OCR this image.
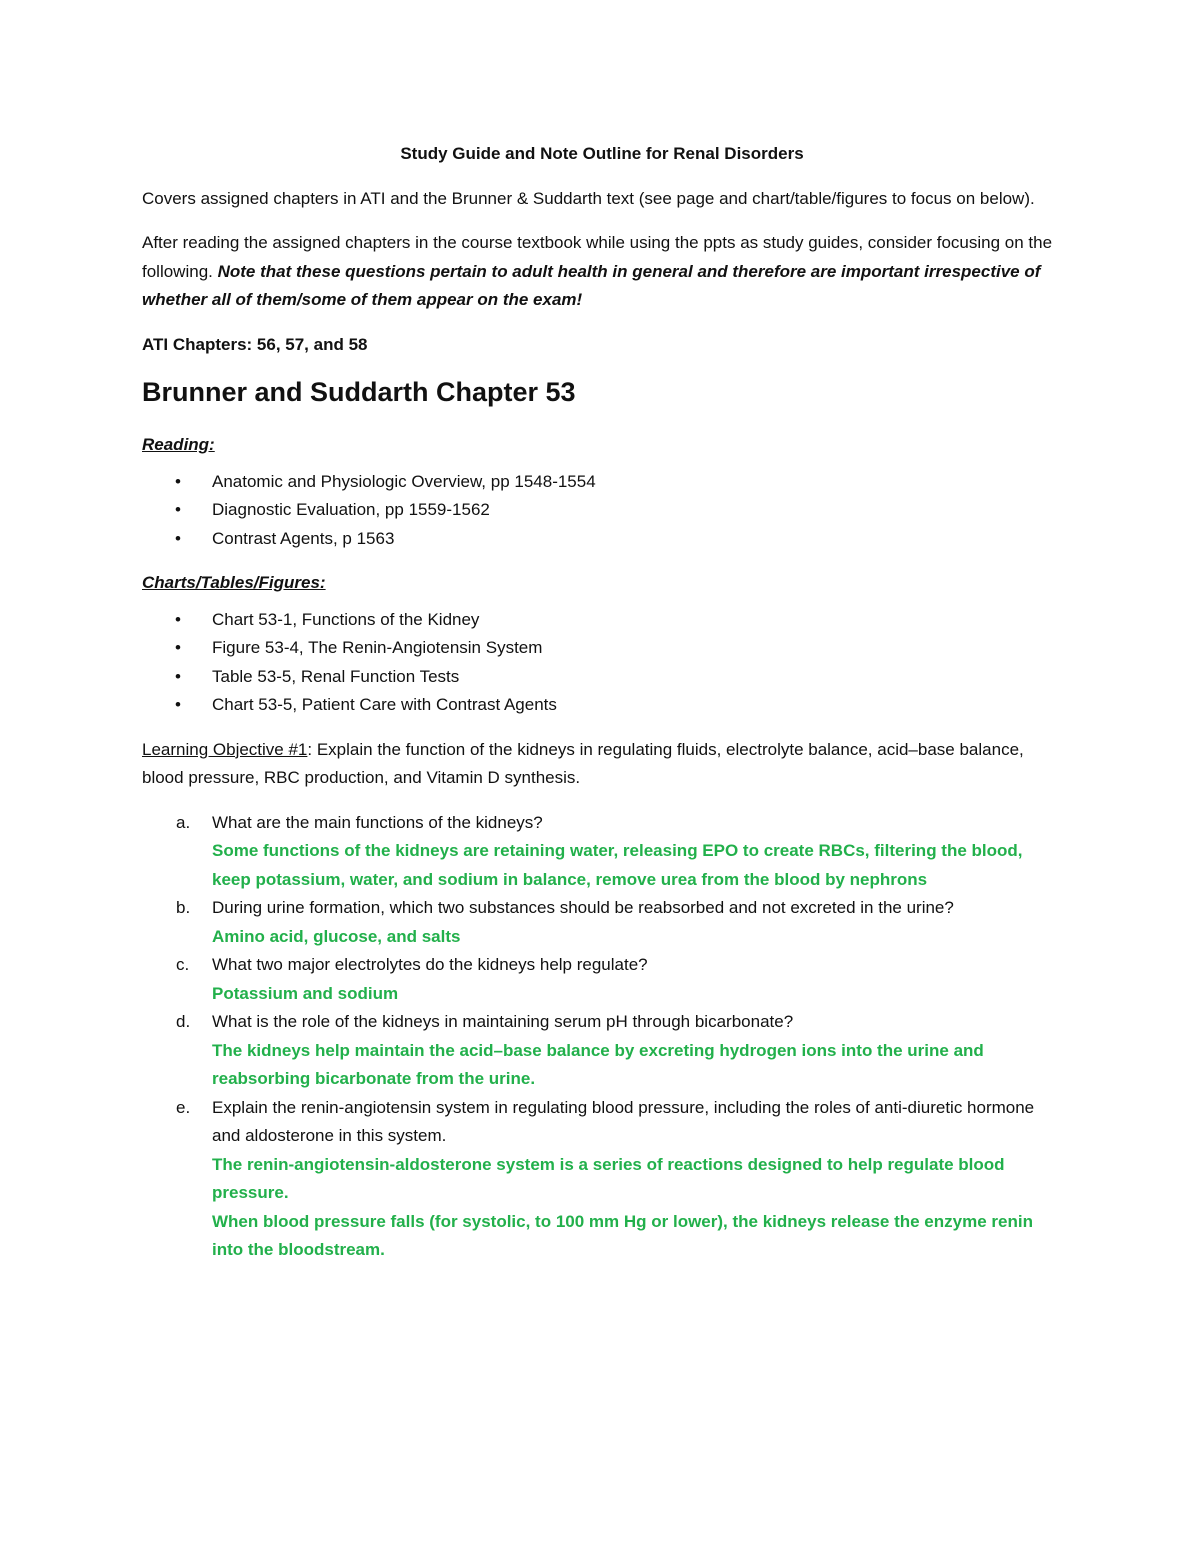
Study Guide and Note Outline for Renal Disorders

Covers assigned chapters in ATI and the Brunner & Suddarth text (see page and chart/table/figures to focus on below).

After reading the assigned chapters in the course textbook while using the ppts as study guides, consider focusing on the following. Note that these questions pertain to adult health in general and therefore are important irrespective of whether all of them/some of them appear on the exam!

ATI Chapters: 56, 57, and 58
Brunner and Suddarth Chapter 53
Reading:
• Anatomic and Physiologic Overview, pp 1548-1554
• Diagnostic Evaluation, pp 1559-1562
• Contrast Agents, p 1563
Charts/Tables/Figures:
• Chart 53-1, Functions of the Kidney
• Figure 53-4, The Renin-Angiotensin System
• Table 53-5, Renal Function Tests
• Chart 53-5, Patient Care with Contrast Agents

Learning Objective #1: Explain the function of the kidneys in regulating fluids, electrolyte balance, acid–base balance, blood pressure, RBC production, and Vitamin D synthesis.

a. What are the main functions of the kidneys?
Some functions of the kidneys are retaining water, releasing EPO to create RBCs, filtering the blood, keep potassium, water, and sodium in balance, remove urea from the blood by nephrons
b. During urine formation, which two substances should be reabsorbed and not excreted in the urine?
Amino acid, glucose, and salts
c. What two major electrolytes do the kidneys help regulate?
Potassium and sodium
d. What is the role of the kidneys in maintaining serum pH through bicarbonate?
The kidneys help maintain the acid–base balance by excreting hydrogen ions into the urine and reabsorbing bicarbonate from the urine.
e. Explain the renin-angiotensin system in regulating blood pressure, including the roles of anti-diuretic hormone and aldosterone in this system.
The renin-angiotensin-aldosterone system is a series of reactions designed to help regulate blood pressure.
When blood pressure falls (for systolic, to 100 mm Hg or lower), the kidneys release the enzyme renin into the bloodstream.
